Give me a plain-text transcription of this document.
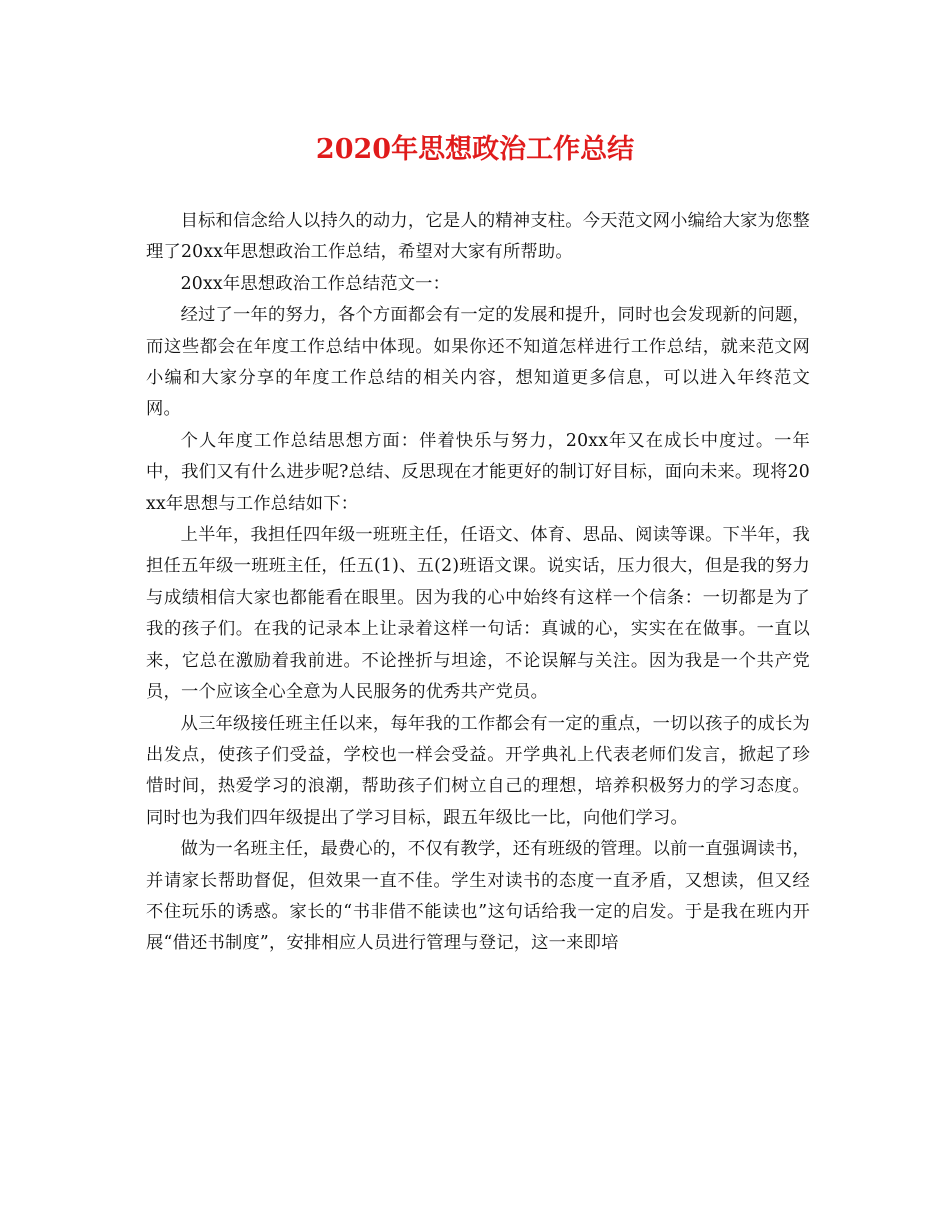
2020年思想政治工作总结

目标和信念给人以持久的动力，它是人的精神支柱。今天范文网小编给大家为您整理了20xx年思想政治工作总结，希望对大家有所帮助。

20xx年思想政治工作总结范文一：

经过了一年的努力，各个方面都会有一定的发展和提升，同时也会发现新的问题，而这些都会在年度工作总结中体现。如果你还不知道怎样进行工作总结，就来范文网小编和大家分享的年度工作总结的相关内容，想知道更多信息，可以进入年终范文网。

个人年度工作总结思想方面：伴着快乐与努力，20xx年又在成长中度过。一年中，我们又有什么进步呢?总结、反思现在才能更好的制订好目标，面向未来。现将20xx年思想与工作总结如下：

上半年，我担任四年级一班班主任，任语文、体育、思品、阅读等课。下半年，我担任五年级一班班主任，任五(1)、五(2)班语文课。说实话，压力很大，但是我的努力与成绩相信大家也都能看在眼里。因为我的心中始终有这样一个信条：一切都是为了我的孩子们。在我的记录本上让录着这样一句话：真诚的心，实实在在做事。一直以来，它总在激励着我前进。不论挫折与坦途，不论误解与关注。因为我是一个共产党员，一个应该全心全意为人民服务的优秀共产党员。

从三年级接任班主任以来，每年我的工作都会有一定的重点，一切以孩子的成长为出发点，使孩子们受益，学校也一样会受益。开学典礼上代表老师们发言，掀起了珍惜时间，热爱学习的浪潮，帮助孩子们树立自己的理想，培养积极努力的学习态度。同时也为我们四年级提出了学习目标，跟五年级比一比，向他们学习。

做为一名班主任，最费心的，不仅有教学，还有班级的管理。以前一直强调读书，并请家长帮助督促，但效果一直不佳。学生对读书的态度一直矛盾，又想读，但又经不住玩乐的诱惑。家长的“书非借不能读也”这句话给我一定的启发。于是我在班内开展“借还书制度”，安排相应人员进行管理与登记，这一来即培
